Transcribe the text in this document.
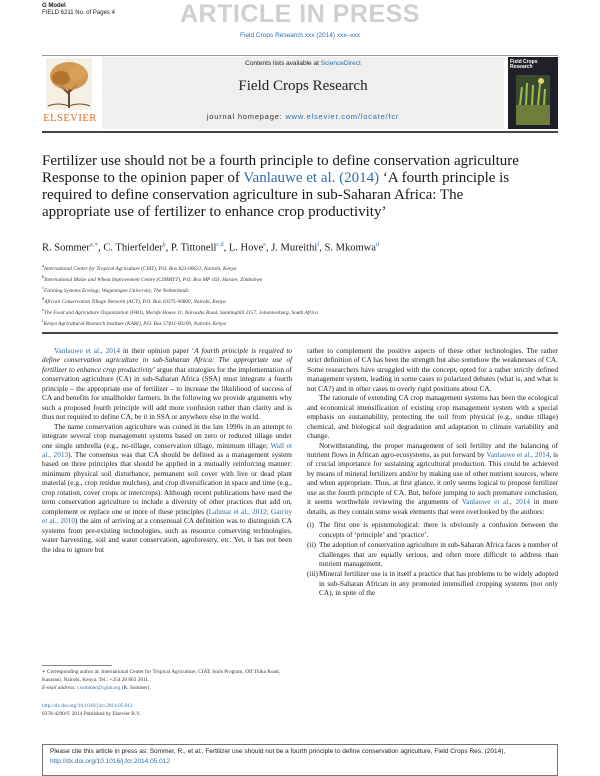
G Model
FIELD 6211 No. of Pages 4	ARTICLE IN PRESS
Field Crops Research xxx (2014) xxx–xxx
ELSEVIER
Contents lists available at ScienceDirect
Field Crops Research
journal homepage: www.elsevier.com/locate/fcr
Field Crops Research
Fertilizer use should not be a fourth principle to define conservation agriculture
Response to the opinion paper of Vanlauwe et al. (2014) ‘A fourth principle is required to define conservation agriculture in sub-Saharan Africa: The appropriate use of fertilizer to enhance crop productivity’
R. Sommer$^{a,∗}$, C. Thierfelder$^b$, P. Tittonell$^{c,d}$, L. Hove$^e$, J. Mureithi$^f$, S. Mkomwa$^d$
$^a$International Center for Tropical Agriculture (CIAT), P.O. Box 823-00621, Nairobi, Kenya
$^b$International Maize and Wheat Improvement Centre (CIMMYT), P.O. Box MP 163, Harare, Zimbabwe
$^c$Farming Systems Ecology, Wageningen University, The Netherlands
$^d$African Conservation Tillage Network (ACT), P.O. Box 10375-00800, Nairobi, Kenya
$^e$The Food and Agriculture Organization (FAO), Merafe House 11, Naivasha Road, Sunninghill 2157, Johannesburg, South Africa
$^f$Kenya Agricultural Research Institute (KARI), P.O. Box 57811-00200, Nairobi, Kenya

Vanlauwe et al., 2014 in their opinion paper ‘A fourth principle is required to define conservation agriculture in sub-Saharan Africa: The appropriate use of fertilizer to enhance crop productivity’ argue that strategies for the implementation of conservation agriculture (CA) in sub-Saharan Africa (SSA) must integrate a fourth principle – the appropriate use of fertilizer – to increase the likelihood of success of CA and benefits for smallholder farmers. In the following we provide arguments why such a proposed fourth principle will add more confusion rather than clarity and is thus not required to define CA, be it in SSA or anywhere else in the world.

The name conservation agriculture was coined in the late 1990s in an attempt to integrate several crop management systems based on zero or reduced tillage under one single umbrella (e.g., no-tillage, conservation tillage, minimum tillage; Wall et al., 2013). The consensus was that CA should be defined as a management system based on three principles that should be applied in a mutually reinforcing manner: minimum physical soil disturbance, permanent soil cover with live or dead plant material (e.g., crop residue mulches), and crop diversification in space and time (e.g., crop rotation, cover crops or intercrops). Although recent publications have used the term conservation agriculture to include a diversity of other practices that add on, complement or replace one or more of these principles (Lahmar et al., 2012; Garrity et al., 2010) the aim of arriving at a consensual CA definition was to distinguish CA systems from pre-existing technologies, such as resource conserving technologies, water harvesting, soil and water conservation, agroforestry, etc. Yet, it has not been the idea to ignore but

rather to complement the positive aspects of these other technologies. The rather strict definition of CA has been the strength but also somehow the weaknesses of CA. Some researchers have struggled with the concept, opted for a rather strictly defined management system, leading in some cases to polarized debates (what is, and what is not CA?) and in other cases to overly rigid positions about CA.

The rationale of extending CA crop management systems has been the ecological and economical intensification of existing crop management system with a special emphasis on sustainability, protecting the soil from physical (e.g., undue tillage) chemical, and biological soil degradation and adaptation to climate variability and change.

Notwithstanding, the proper management of soil fertility and the balancing of nutrient flows in African agro-ecosystems, as put forward by Vanlauwe et al., 2014, is of crucial importance for sustaining agricultural production. This could be achieved by means of mineral fertilizers and/or by making use of other nutrient sources, where and when appropriate. Thus, at first glance, it only seems logical to propose fertilizer use as the fourth principle of CA. But, before jumping to such premature conclusion, it seems worthwhile reviewing the arguments of Vanlauwe et al., 2014 in more details, as they contain some weak elements that were overlooked by the authors:

(i) The first one is epistemological: there is obviously a confusion between the concepts of ‘principle’ and ‘practice’.
(ii) The adoption of conservation agriculture in sub-Saharan Africa faces a number of challenges that are equally serious, and often more difficult to address than nutrient management.
(iii) Mineral fertilizer use is in itself a practice that has problems to be widely adopted in sub-Saharan African in any promoted intensified cropping systems (not only CA), in spite of the
∗ Corresponding author at: International Center for Tropical Agriculture, CIAT, Soils Program, Off Thika Road, Kasarani, Nairobi, Kenya. Tel.: +254 20 863 2811.
E-mail address: r.sommer@cgiar.org (R. Sommer).
http://dx.doi.org/10.1016/j.fcr.2014.05.012
0378-4290/© 2014 Published by Elsevier B.V.
Please cite this article in press as: Sommer, R., et al., Fertilizer use should not be a fourth principle to define conservation agriculture, Field Crops Res. (2014), http://dx.doi.org/10.1016/j.fcr.2014.05.012
